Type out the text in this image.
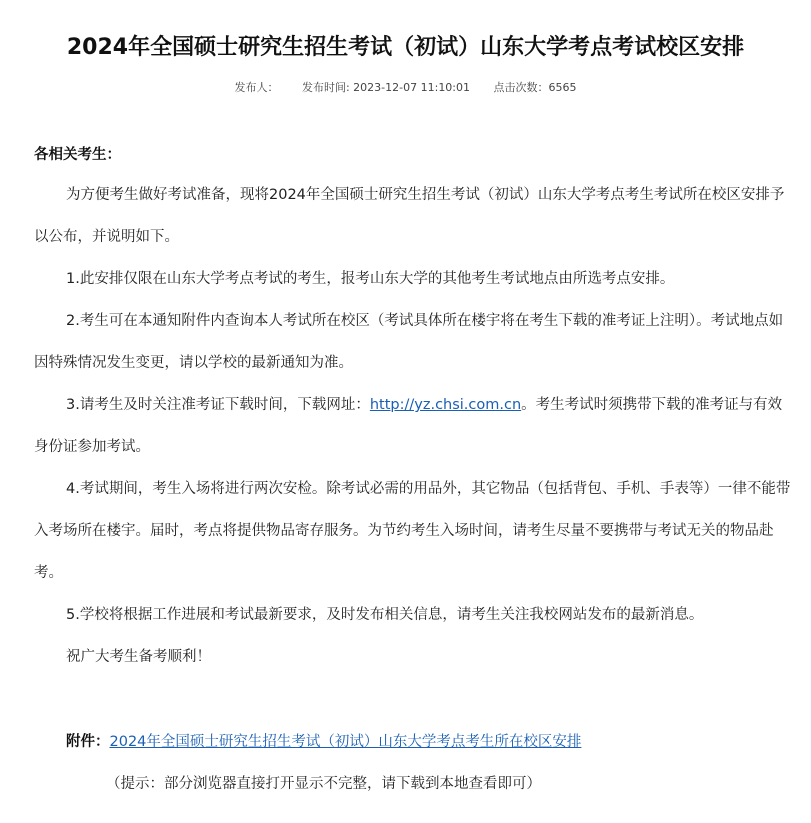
2024年全国硕士研究生招生考试（初试）山东大学考点考试校区安排
发布人： 发布时间: 2023-12-07 11:10:01 点击次数：6565
各相关考生：

为方便考生做好考试准备，现将2024年全国硕士研究生招生考试（初试）山东大学考点考生考试所在校区安排予以公布，并说明如下。

1.此安排仅限在山东大学考点考试的考生，报考山东大学的其他考生考试地点由所选考点安排。

2.考生可在本通知附件内查询本人考试所在校区（考试具体所在楼宇将在考生下载的准考证上注明）。考试地点如因特殊情况发生变更，请以学校的最新通知为准。

3.请考生及时关注准考证下载时间，下载网址：http://yz.chsi.com.cn。考生考试时须携带下载的准考证与有效身份证参加考试。

4.考试期间，考生入场将进行两次安检。除考试必需的用品外，其它物品（包括背包、手机、手表等）一律不能带入考场所在楼宇。届时，考点将提供物品寄存服务。为节约考生入场时间，请考生尽量不要携带与考试无关的物品赴考。

5.学校将根据工作进展和考试最新要求，及时发布相关信息，请考生关注我校网站发布的最新消息。

祝广大考生备考顺利！

附件：2024年全国硕士研究生招生考试（初试）山东大学考点考生所在校区安排
（提示：部分浏览器直接打开显示不完整，请下载到本地查看即可）
